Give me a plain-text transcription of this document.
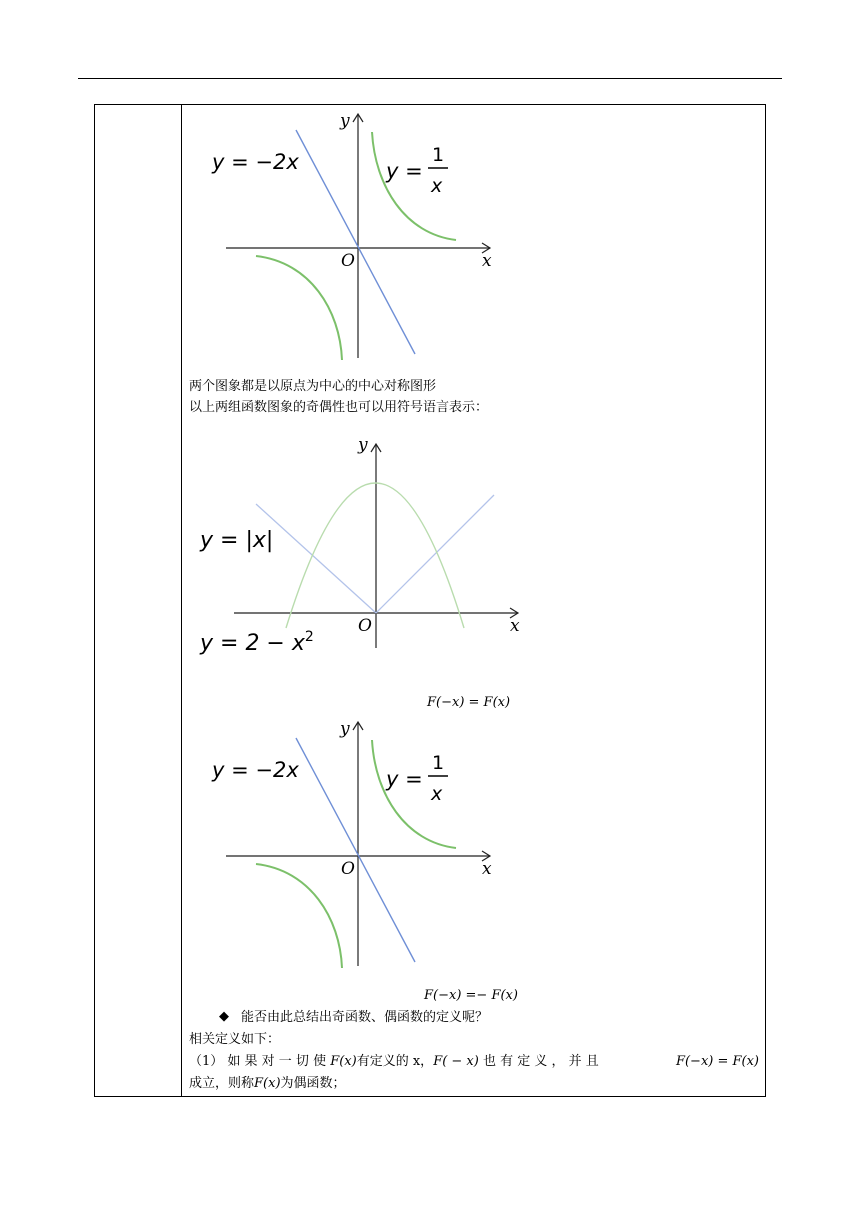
y = −2x	y =
1
x
x
y
O
两个图象都是以原点为中心的中心对称图形
以上两组函数图象的奇偶性也可以用符号语言表示：
y = |x|
$y = 2 - x^2$
x
y
O
F(−x) = F(x)
y = −2x	y =
1
x
x
y
O
F(−x) =− F(x)
◆ 能否由此总结出奇函数、偶函数的定义呢？
相关定义如下：
（1） 如 果 对 一 切 使 F(x)有定义的 x，F( − x) 也 有 定 义 ， 并 且	F(−x) = F(x)
成立，则称F(x)为偶函数；
